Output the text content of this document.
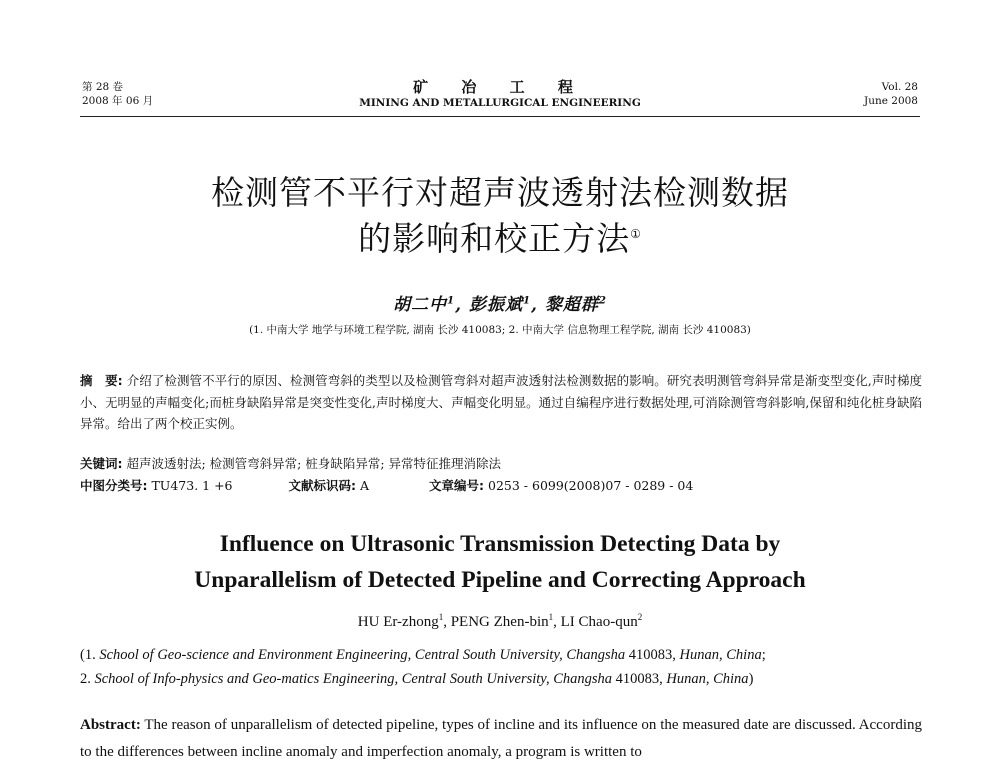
第 28 卷
2008 年 06 月
矿 冶 工 程
MINING AND METALLURGICAL ENGINEERING
Vol. 28
June 2008
检测管不平行对超声波透射法检测数据
的影响和校正方法①
胡二中$^1$, 彭振斌$^1$, 黎超群$^2$
(1. 中南大学 地学与环境工程学院, 湖南 长沙 410083; 2. 中南大学 信息物理工程学院, 湖南 长沙 410083)
摘　要: 介绍了检测管不平行的原因、检测管弯斜的类型以及检测管弯斜对超声波透射法检测数据的影响。研究表明测管弯斜异常是渐变型变化,声时梯度小、无明显的声幅变化;而桩身缺陷异常是突变性变化,声时梯度大、声幅变化明显。通过自编程序进行数据处理,可消除测管弯斜影响,保留和纯化桩身缺陷异常。给出了两个校正实例。
关键词: 超声波透射法; 检测管弯斜异常; 桩身缺陷异常; 异常特征推理消除法
中图分类号: TU473. 1 +6	文献标识码: A	文章编号: 0253 - 6099(2008)07 - 0289 - 04
Influence on Ultrasonic Transmission Detecting Data by
Unparallelism of Detected Pipeline and Correcting Approach
HU Er-zhong$^1$, PENG Zhen-bin$^1$, LI Chao-qun$^2$
(1. School of Geo-science and Environment Engineering, Central South University, Changsha 410083, Hunan, China;
2. School of Info-physics and Geo-matics Engineering, Central South University, Changsha 410083, Hunan, China)
Abstract: The reason of unparallelism of detected pipeline, types of incline and its influence on the measured date are discussed. According to the differences between incline anomaly and imperfection anomaly, a program is written to
